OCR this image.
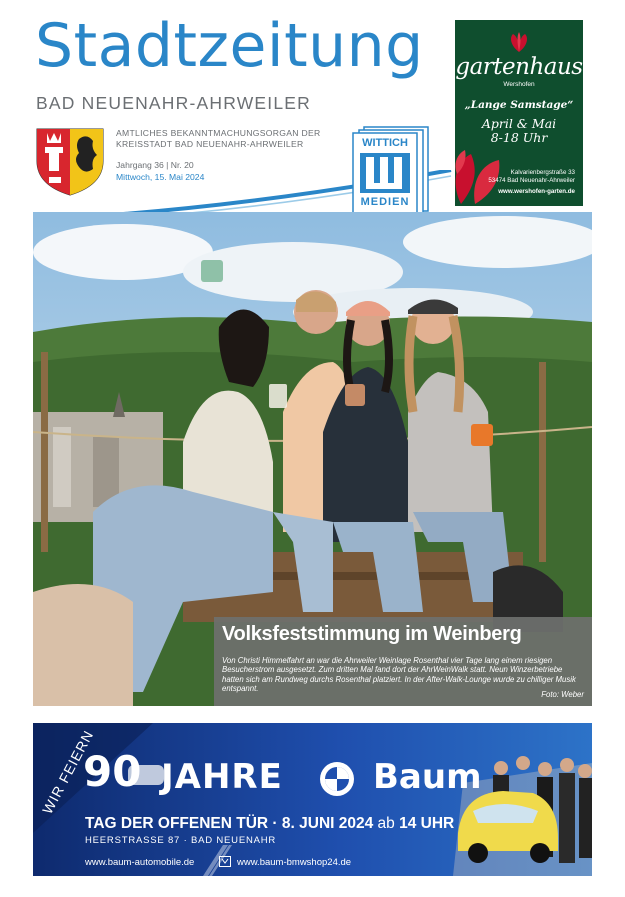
Stadtzeitung
BAD NEUENAHR-AHRWEILER
AMTLICHES BEKANNTMACHUNGSORGAN DER
KREISSTADT BAD NEUENAHR-AHRWEILER
Jahrgang 36 | Nr. 20
Mittwoch, 15. Mai 2024
WITTICH
MEDIEN
gartenhaus
Wershofen
„Lange Samstage“
April & Mai
8-18 Uhr
Kalvarienbergstraße 33
53474 Bad Neuenahr-Ahrweiler
www.wershofen-garten.de
Volksfeststimmung im Weinberg
Von Christi Himmelfahrt an war die Ahrweiler Weinlage Rosenthal vier Tage lang einem riesigen Besucherstrom ausgesetzt. Zum dritten Mal fand dort der AhrWeinWalk statt. Neun Winzerbetriebe hatten sich am Rundweg durchs Rosenthal platziert. In der After-Walk-Lounge wurde zu chilliger Musik entspannt.
Foto: Weber
WIR FEIERN
90 JAHRE	Baum
TAG DER OFFENEN TÜR · 8. JUNI 2024 ab 14 UHR
HEERSTRASSE 87 · BAD NEUENAHR
www.baum-automobile.de	www.baum-bmwshop24.de
